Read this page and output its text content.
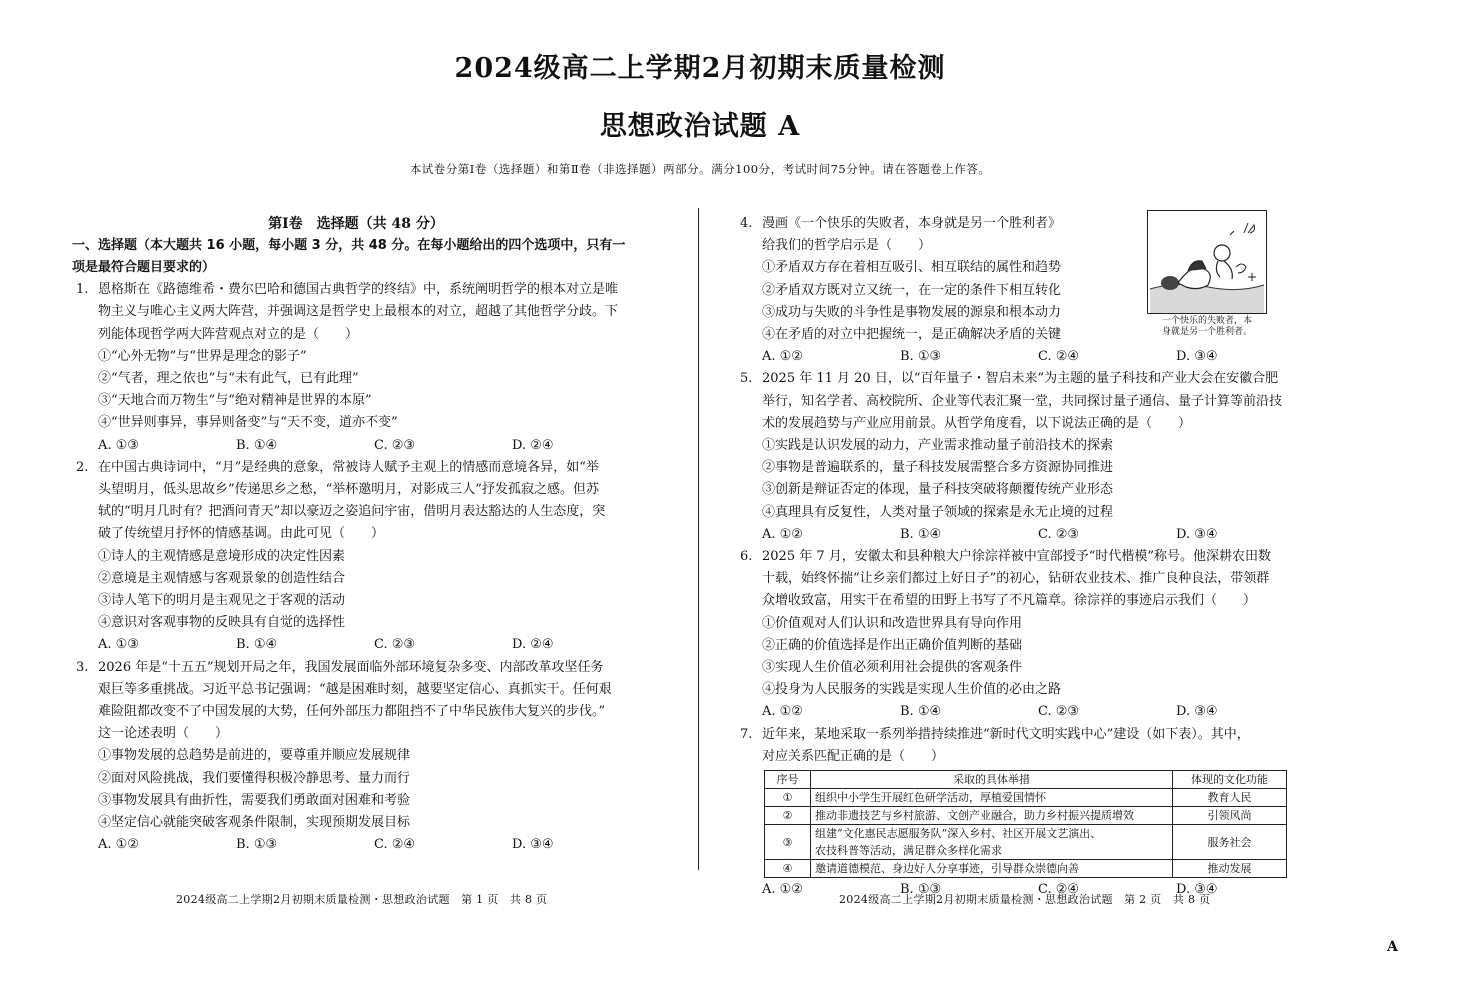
2024级高二上学期2月初期末质量检测
思想政治试题 A
本试卷分第Ⅰ卷（选择题）和第Ⅱ卷（非选择题）两部分。满分100分，考试时间75分钟。请在答题卷上作答。
第Ⅰ卷　选择题（共 48 分）
一、选择题（本大题共 16 小题，每小题 3 分，共 48 分。在每小题给出的四个选项中，只有一
项是最符合题目要求的）
1. 恩格斯在《路德维希・费尔巴哈和德国古典哲学的终结》中，系统阐明哲学的根本对立是唯
物主义与唯心主义两大阵营，并强调这是哲学史上最根本的对立，超越了其他哲学分歧。下
列能体现哲学两大阵营观点对立的是（　　）
①“心外无物”与“世界是理念的影子”
②“气者，理之依也”与“未有此气，已有此理”
③“天地合而万物生”与“绝对精神是世界的本原”
④“世异则事异，事异则备变”与“天不变，道亦不变”
A. ①③	B. ①④	C. ②③	D. ②④
2. 在中国古典诗词中，“月”是经典的意象，常被诗人赋予主观上的情感而意境各异，如“举
头望明月，低头思故乡”传递思乡之愁，“举杯邀明月，对影成三人”抒发孤寂之感。但苏
轼的“明月几时有？把酒问青天”却以豪迈之姿追问宇宙，借明月表达豁达的人生态度，突
破了传统望月抒怀的情感基调。由此可见（　　）
①诗人的主观情感是意境形成的决定性因素
②意境是主观情感与客观景象的创造性结合
③诗人笔下的明月是主观见之于客观的活动
④意识对客观事物的反映具有自觉的选择性
A. ①③	B. ①④	C. ②③	D. ②④
3. 2026 年是“十五五”规划开局之年，我国发展面临外部环境复杂多变、内部改革攻坚任务
艰巨等多重挑战。习近平总书记强调：“越是困难时刻，越要坚定信心、真抓实干。任何艰
难险阻都改变不了中国发展的大势，任何外部压力都阻挡不了中华民族伟大复兴的步伐。”
这一论述表明（　　）
①事物发展的总趋势是前进的，要尊重并顺应发展规律
②面对风险挑战，我们要懂得积极冷静思考、量力而行
③事物发展具有曲折性，需要我们勇敢面对困难和考验
④坚定信心就能突破客观条件限制，实现预期发展目标
A. ①②	B. ①③	C. ②④	D. ③④
一个快乐的失败者，本
身就是另一个胜利者。
4. 漫画《一个快乐的失败者，本身就是另一个胜利者》
给我们的哲学启示是（　　）
①矛盾双方存在着相互吸引、相互联结的属性和趋势
②矛盾双方既对立又统一，在一定的条件下相互转化
③成功与失败的斗争性是事物发展的源泉和根本动力
④在矛盾的对立中把握统一，是正确解决矛盾的关键
A. ①②	B. ①③	C. ②④	D. ③④
5. 2025 年 11 月 20 日，以“百年量子・智启未来”为主题的量子科技和产业大会在安徽合肥
举行，知名学者、高校院所、企业等代表汇聚一堂，共同探讨量子通信、量子计算等前沿技
术的发展趋势与产业应用前景。从哲学角度看，以下说法正确的是（　　）
①实践是认识发展的动力，产业需求推动量子前沿技术的探索
②事物是普遍联系的，量子科技发展需整合多方资源协同推进
③创新是辩证否定的体现，量子科技突破将颠覆传统产业形态
④真理具有反复性，人类对量子领域的探索是永无止境的过程
A. ①②	B. ①④	C. ②③	D. ③④
6. 2025 年 7 月，安徽太和县种粮大户徐淙祥被中宣部授予“时代楷模”称号。他深耕农田数
十载，始终怀揣“让乡亲们都过上好日子”的初心，钻研农业技术、推广良种良法，带领群
众增收致富，用实干在希望的田野上书写了不凡篇章。徐淙祥的事迹启示我们（　　）
①价值观对人们认识和改造世界具有导向作用
②正确的价值选择是作出正确价值判断的基础
③实现人生价值必须利用社会提供的客观条件
④投身为人民服务的实践是实现人生价值的必由之路
A. ①②	B. ①④	C. ②③	D. ③④
7. 近年来，某地采取一系列举措持续推进“新时代文明实践中心”建设（如下表）。其中，
对应关系匹配正确的是（　　）
序号	采取的具体举措	体现的文化功能
①	组织中小学生开展红色研学活动，厚植爱国情怀	教育人民
②	推动非遗技艺与乡村旅游、文创产业融合，助力乡村振兴提质增效	引领风尚
③	组建“文化惠民志愿服务队”深入乡村、社区开展文艺演出、
农技科普等活动，满足群众多样化需求	服务社会
④	邀请道德模范、身边好人分享事迹，引导群众崇德向善	推动发展
A. ①②	B. ①③	C. ②④	D. ③④
2024级高二上学期2月初期末质量检测・思想政治试题　第 1 页　共 8 页	2024级高二上学期2月初期末质量检测・思想政治试题　第 2 页　共 8 页
A
